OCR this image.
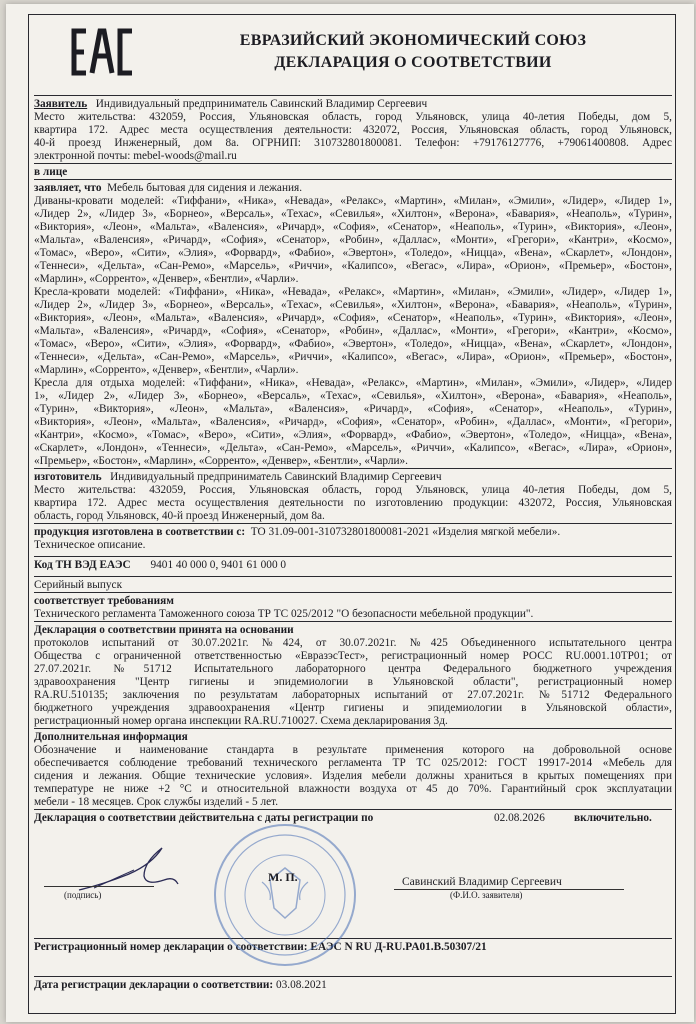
ЕВРАЗИЙСКИЙ ЭКОНОМИЧЕСКИЙ СОЮЗ
ДЕКЛАРАЦИЯ О СООТВЕТСТВИИ
Заявитель Индивидуальный предприниматель Савинский Владимир Сергеевич
Место жительства: 432059, Россия, Ульяновская область, город Ульяновск, улица 40-летия Победы, дом 5,
квартира 172. Адрес места осуществления деятельности: 432072, Россия, Ульяновская область, город Ульяновск,
40-й проезд Инженерный, дом 8а. ОГРНИП: 310732801800081. Телефон: +79176127776, +79061400808. Адрес
электронной почты: mebel-woods@mail.ru
в лице
заявляет, что Мебель бытовая для сидения и лежания.
Диваны-кровати моделей: «Тиффани», «Ника», «Невада», «Релакс», «Мартин», «Милан», «Эмили», «Лидер», «Лидер 1»,
«Лидер 2», «Лидер 3», «Борнео», «Версаль», «Техас», «Севилья», «Хилтон», «Верона», «Бавария», «Неаполь», «Турин»,
«Виктория», «Леон», «Мальта», «Валенсия», «Ричард», «София», «Сенатор», «Неаполь», «Турин», «Виктория», «Леон»,
«Мальта», «Валенсия», «Ричард», «София», «Сенатор», «Робин», «Даллас», «Монти», «Грегори», «Кантри», «Космо»,
«Томас», «Веро», «Сити», «Элия», «Форвард», «Фабио», «Эвертон», «Толедо», «Ницца», «Вена», «Скарлет», «Лондон»,
«Теннеси», «Дельта», «Сан-Ремо», «Марсель», «Риччи», «Калипсо», «Вегас», «Лира», «Орион», «Премьер», «Бостон»,
«Марлин», «Сорренто», «Денвер», «Бентли», «Чарли».
Кресла-кровати моделей: «Тиффани», «Ника», «Невада», «Релакс», «Мартин», «Милан», «Эмили», «Лидер», «Лидер 1»,
«Лидер 2», «Лидер 3», «Борнео», «Версаль», «Техас», «Севилья», «Хилтон», «Верона», «Бавария», «Неаполь», «Турин»,
«Виктория», «Леон», «Мальта», «Валенсия», «Ричард», «София», «Сенатор», «Неаполь», «Турин», «Виктория», «Леон»,
«Мальта», «Валенсия», «Ричард», «София», «Сенатор», «Робин», «Даллас», «Монти», «Грегори», «Кантри», «Космо»,
«Томас», «Веро», «Сити», «Элия», «Форвард», «Фабио», «Эвертон», «Толедо», «Ницца», «Вена», «Скарлет», «Лондон»,
«Теннеси», «Дельта», «Сан-Ремо», «Марсель», «Риччи», «Калипсо», «Вегас», «Лира», «Орион», «Премьер», «Бостон»,
«Марлин», «Сорренто», «Денвер», «Бентли», «Чарли».
Кресла для отдыха моделей: «Тиффани», «Ника», «Невада», «Релакс», «Мартин», «Милан», «Эмили», «Лидер», «Лидер
1», «Лидер 2», «Лидер 3», «Борнео», «Версаль», «Техас», «Севилья», «Хилтон», «Верона», «Бавария», «Неаполь»,
«Турин», «Виктория», «Леон», «Мальта», «Валенсия», «Ричард», «София», «Сенатор», «Неаполь», «Турин»,
«Виктория», «Леон», «Мальта», «Валенсия», «Ричард», «София», «Сенатор», «Робин», «Даллас», «Монти», «Грегори»,
«Кантри», «Космо», «Томас», «Веро», «Сити», «Элия», «Форвард», «Фабио», «Эвертон», «Толедо», «Ницца», «Вена»,
«Скарлет», «Лондон», «Теннеси», «Дельта», «Сан-Ремо», «Марсель», «Риччи», «Калипсо», «Вегас», «Лира», «Орион»,
«Премьер», «Бостон», «Марлин», «Сорренто», «Денвер», «Бентли», «Чарли».
изготовитель Индивидуальный предприниматель Савинский Владимир Сергеевич
Место жительства: 432059, Россия, Ульяновская область, город Ульяновск, улица 40-летия Победы, дом 5,
квартира 172. Адрес места осуществления деятельности по изготовлению продукции: 432072, Россия, Ульяновская
область, город Ульяновск, 40-й проезд Инженерный, дом 8а.
продукция изготовлена в соответствии с: ТО 31.09-001-310732801800081-2021 «Изделия мягкой мебели».
Техническое описание.
Код ТН ВЭД ЕАЭС 9401 40 000 0, 9401 61 000 0
Серийный выпуск
соответствует требованиям
Технического регламента Таможенного союза ТР ТС 025/2012 "О безопасности мебельной продукции".
Декларация о соответствии принята на основании
протоколов испытаний от 30.07.2021г. №424, от 30.07.2021г. №425 Объединенного испытательного центра
Общества с ограниченной ответственностью «ЕвразэсТест», регистрационный номер РОСС RU.0001.10ТР01; от
27.07.2021г. №51712 Испытательного лабораторного центра Федерального бюджетного учреждения
здравоохранения "Центр гигиены и эпидемиологии в Ульяновской области", регистрационный номер
RA.RU.510135; заключения по результатам лабораторных испытаний от 27.07.2021г. №51712 Федерального
бюджетного учреждения здравоохранения «Центр гигиены и эпидемиологии в Ульяновской области»,
регистрационный номер органа инспекции RA.RU.710027. Схема декларирования 3д.
Дополнительная информация
Обозначение и наименование стандарта в результате применения которого на добровольной основе
обеспечивается соблюдение требований технического регламента ТР ТС 025/2012: ГОСТ 19917-2014 «Мебель для
сидения и лежания. Общие технические условия». Изделия мебели должны храниться в крытых помещениях при
температуре не ниже +2 °С и относительной влажности воздуха от 45 до 70%. Гарантийный срок эксплуатации
мебели - 18 месяцев. Срок службы изделий - 5 лет.
Декларация о соответствии действительна с даты регистрации по	02.08.2026	включительно.
(подпись)
М. П.	Савинский Владимир Сергеевич
(Ф.И.О. заявителя)
Регистрационный номер декларации о соответствии: ЕАЭС N RU Д-RU.PA01.B.50307/21
Дата регистрации декларации о соответствии: 03.08.2021
